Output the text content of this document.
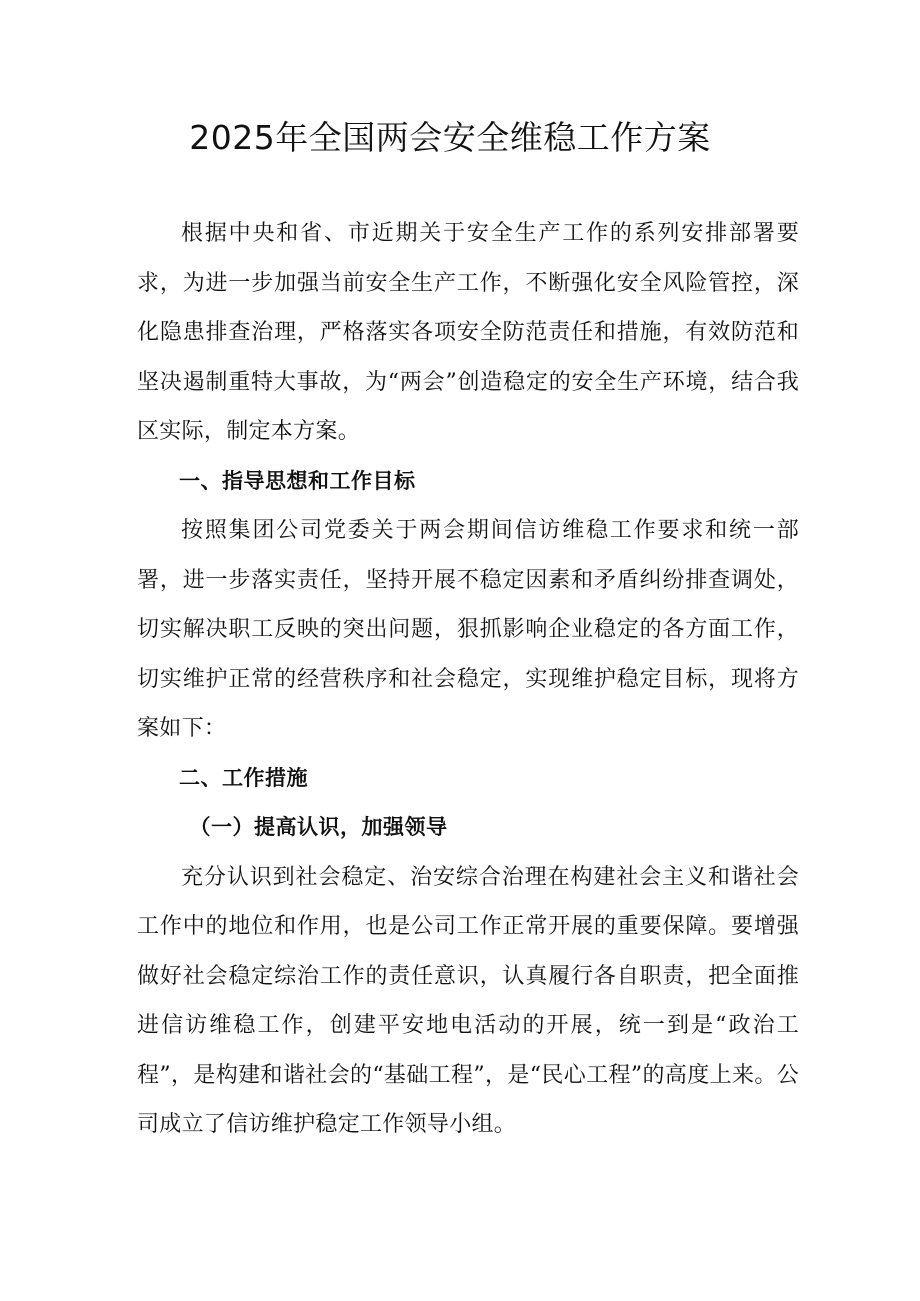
2025年全国两会安全维稳工作方案

根据中央和省、市近期关于安全生产工作的系列安排部署要求，为进一步加强当前安全生产工作，不断强化安全风险管控，深化隐患排查治理，严格落实各项安全防范责任和措施，有效防范和坚决遏制重特大事故，为“两会”创造稳定的安全生产环境，结合我区实际，制定本方案。

一、指导思想和工作目标

按照集团公司党委关于两会期间信访维稳工作要求和统一部署，进一步落实责任，坚持开展不稳定因素和矛盾纠纷排查调处，切实解决职工反映的突出问题，狠抓影响企业稳定的各方面工作，切实维护正常的经营秩序和社会稳定，实现维护稳定目标，现将方案如下：

二、工作措施

（一）提高认识，加强领导

充分认识到社会稳定、治安综合治理在构建社会主义和谐社会工作中的地位和作用，也是公司工作正常开展的重要保障。要增强做好社会稳定综治工作的责任意识，认真履行各自职责，把全面推进信访维稳工作，创建平安地电活动的开展，统一到是“政治工程”，是构建和谐社会的“基础工程”，是“民心工程”的高度上来。公司成立了信访维护稳定工作领导小组。
